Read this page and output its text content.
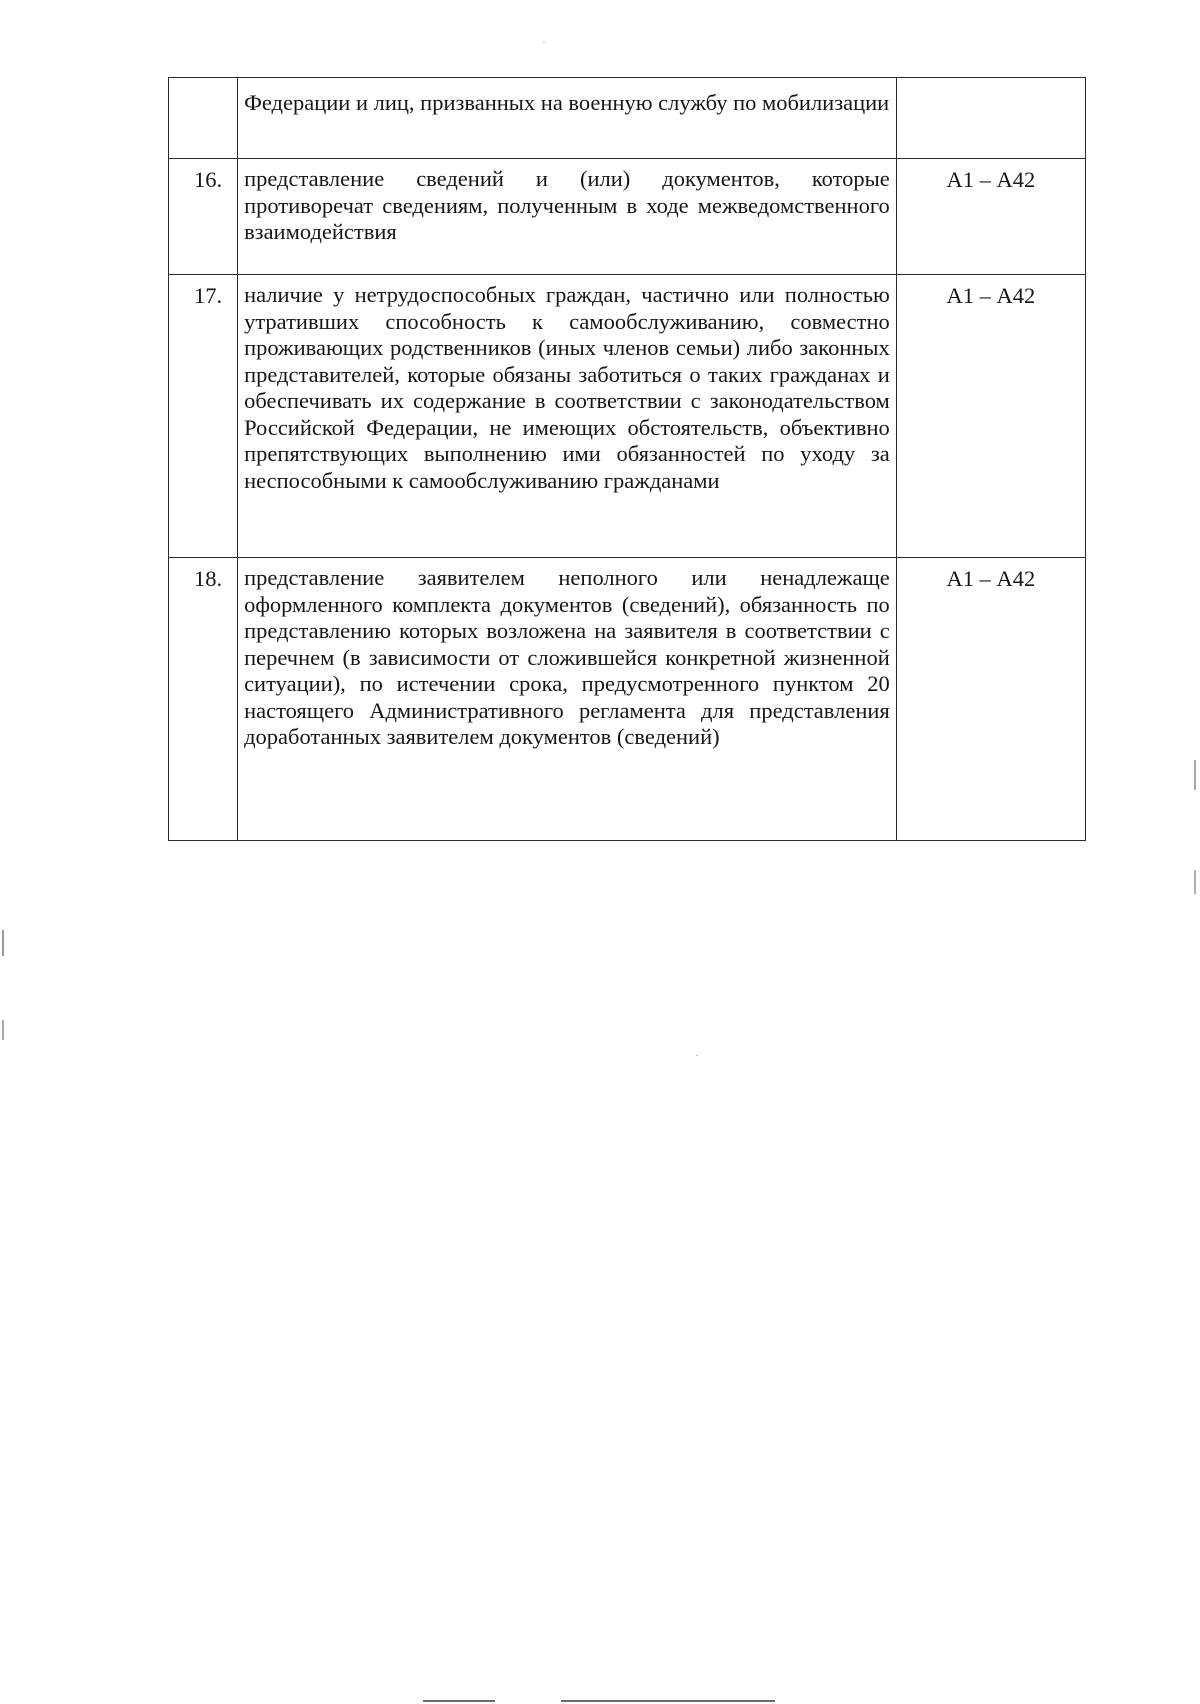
	Федерации и лиц, призванных на военную службу по мобилизации	
16.	представление сведений и (или) документов, которые противоречат сведениям, полученным в ходе межведомственного взаимодействия	А1 – А42
17.	наличие у нетрудоспособных граждан, частично или полностью утративших способность к самообслуживанию, совместно проживающих родственников (иных членов семьи) либо законных представителей, которые обязаны заботиться о таких гражданах и обеспечивать их содержание в соответствии с законодательством Российской Федерации, не имеющих обстоятельств, объективно препятствующих выполнению ими обязанностей по уходу за неспособными к самообслуживанию гражданами	А1 – А42
18.	представление заявителем неполного или ненадлежаще оформленного комплекта документов (сведений), обязанность по представлению которых возложена на заявителя в соответствии с перечнем (в зависимости от сложившейся конкретной жизненной ситуации), по истечении срока, предусмотренного пунктом 20 настоящего Административного регламента для представления доработанных заявителем документов (сведений)	А1 – А42
